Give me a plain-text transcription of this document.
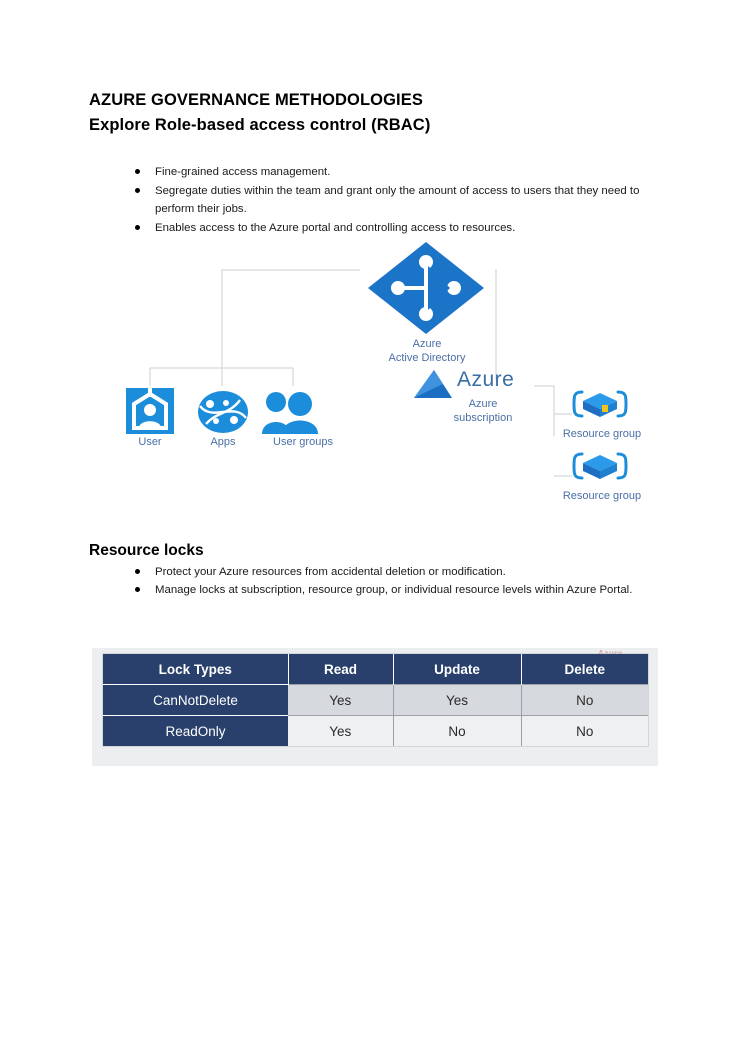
AZURE GOVERNANCE METHODOLOGIES
Explore Role-based access control (RBAC)
Fine-grained access management.
Segregate duties within the team and grant only the amount of access to users that they need to perform their jobs.
Enables access to the Azure portal and controlling access to resources.
Azure
Active Directory
User	Apps	User groups
Azure
Azure
subscription
Resource group
Resource group
Resource locks
Protect your Azure resources from accidental deletion or modification.
Manage locks at subscription, resource group, or individual resource levels within Azure Portal.
Lock Types	Read	Update	Delete
CanNotDelete	Yes	Yes	No
ReadOnly	Yes	No	No
